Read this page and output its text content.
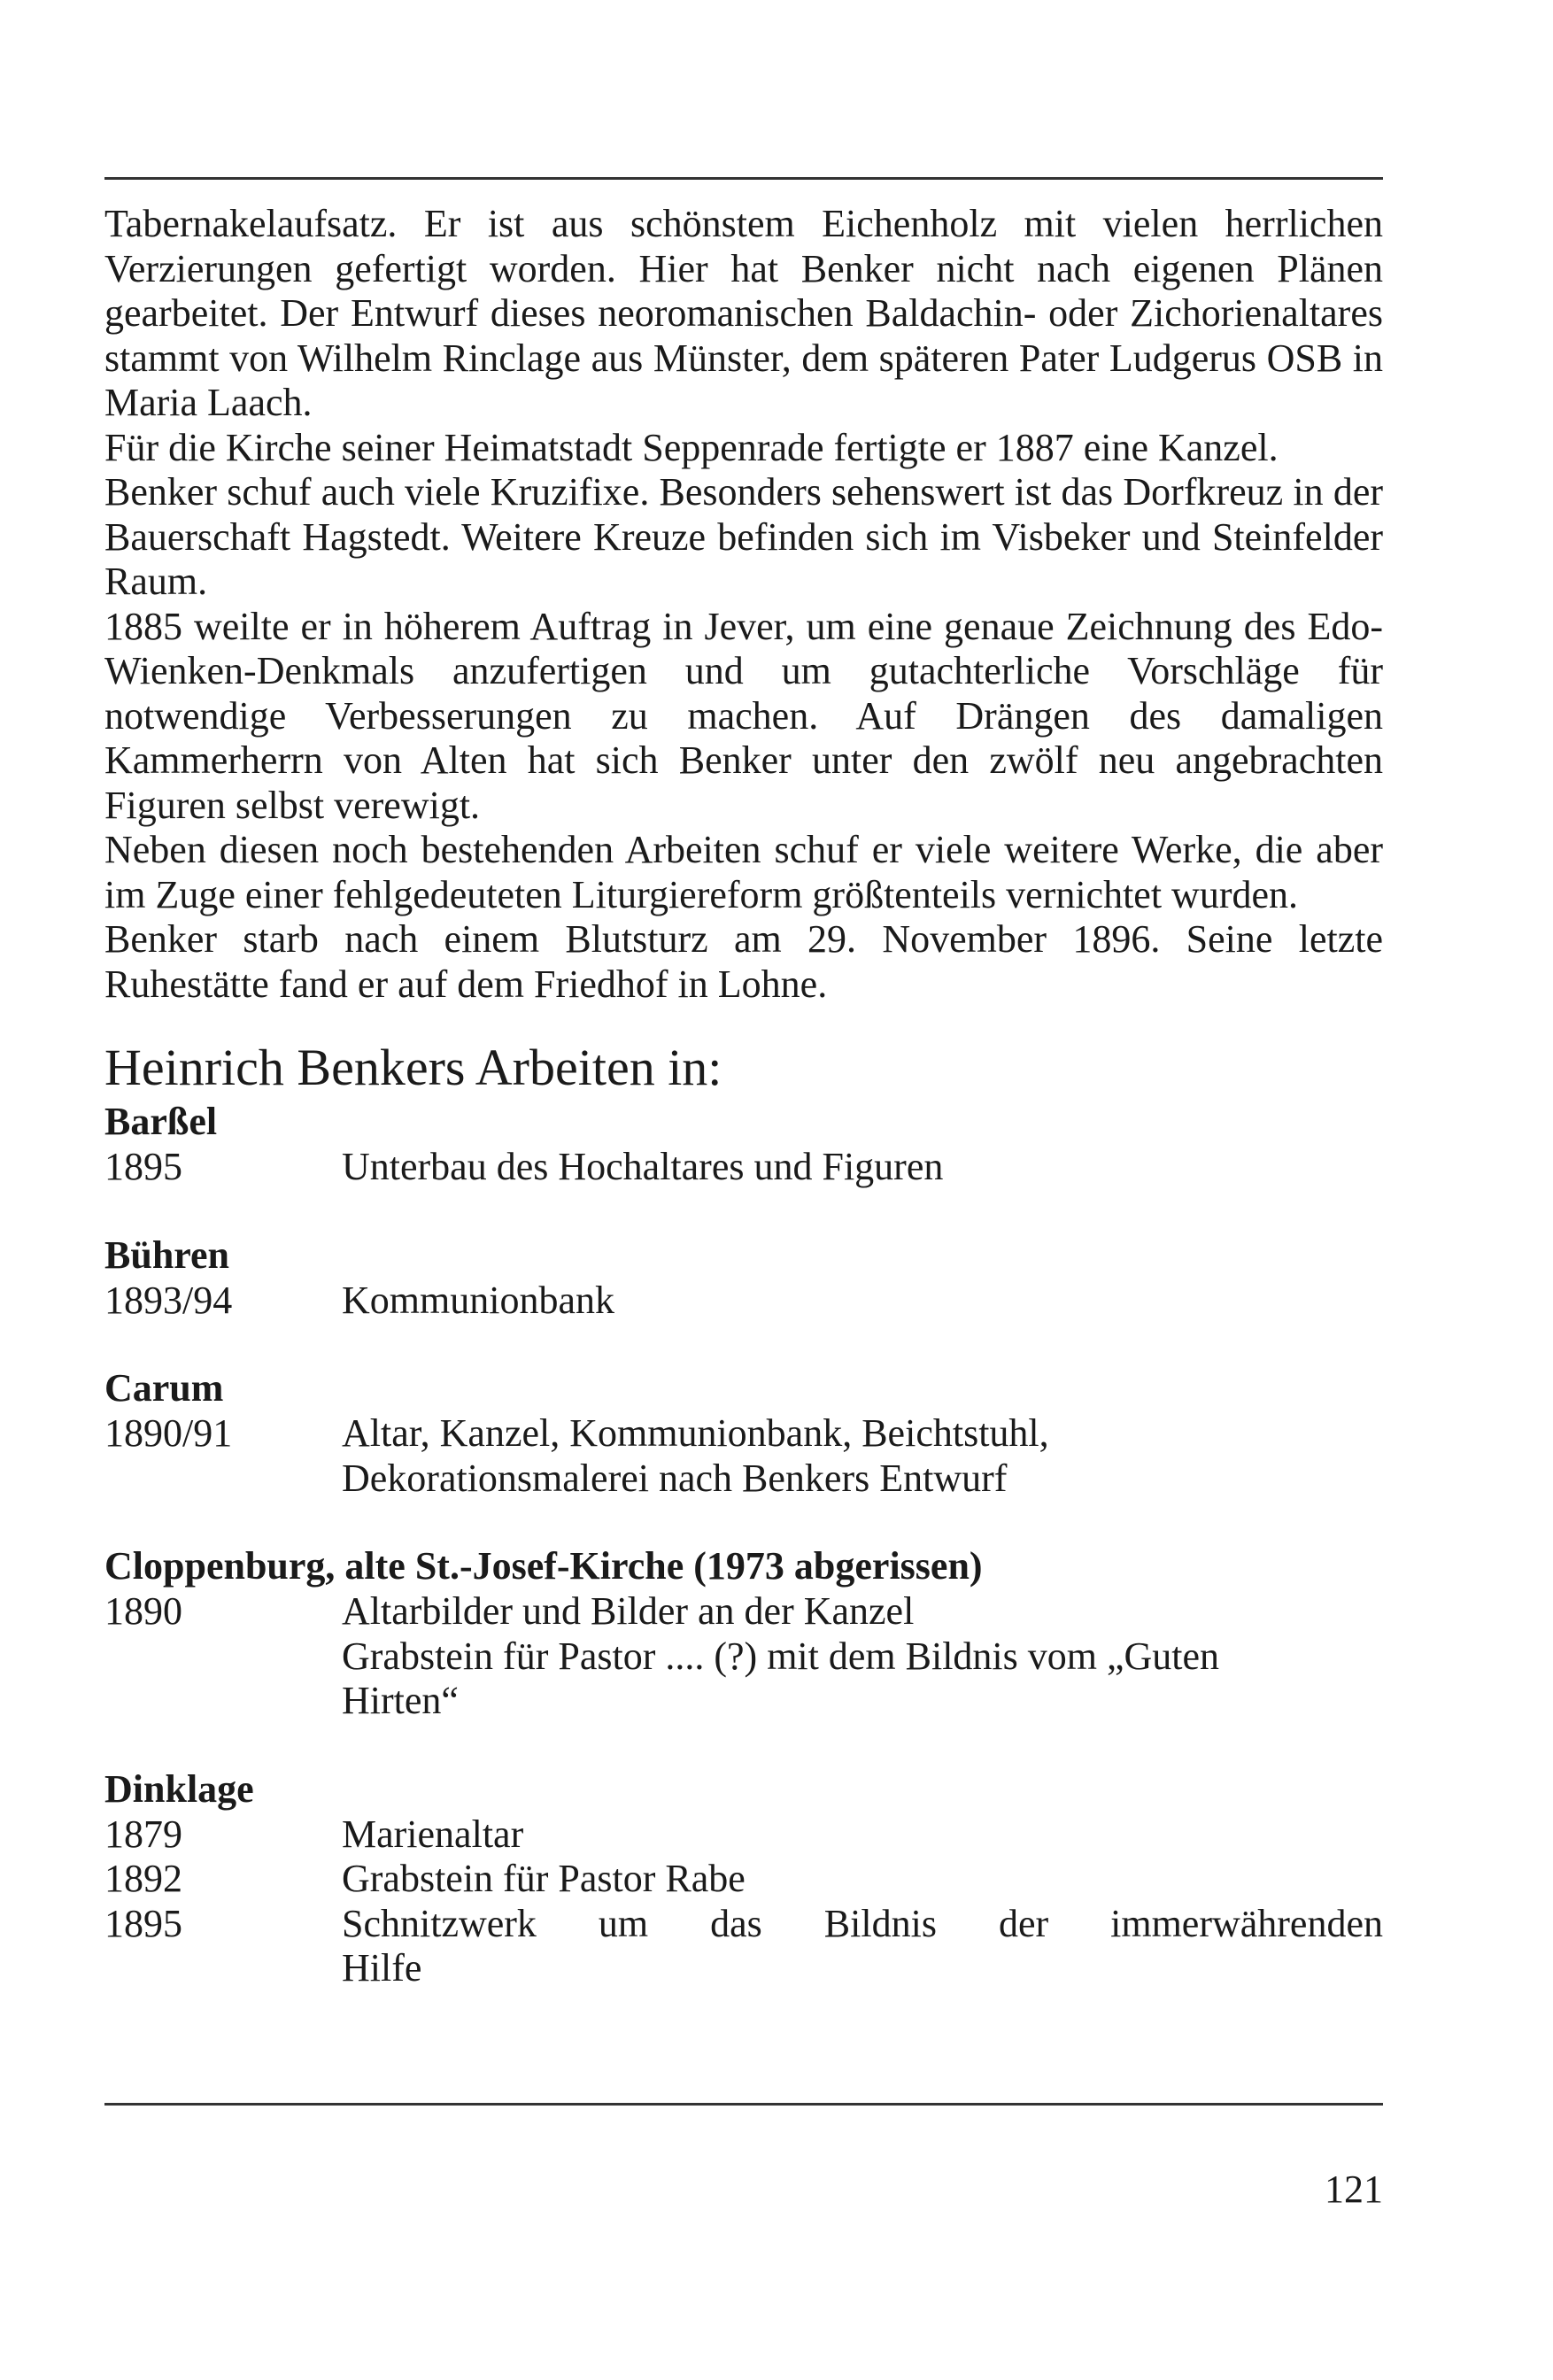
Tabernakelaufsatz. Er ist aus schönstem Eichenholz mit vielen herrlichen Verzierungen gefertigt worden. Hier hat Benker nicht nach eigenen Plänen gearbeitet. Der Entwurf dieses neoromanischen Baldachin- oder Zichorienaltares stammt von Wilhelm Rinclage aus Münster, dem späteren Pater Ludgerus OSB in Maria Laach.

Für die Kirche seiner Heimatstadt Seppenrade fertigte er 1887 eine Kanzel.

Benker schuf auch viele Kruzifixe. Besonders sehenswert ist das Dorfkreuz in der Bauerschaft Hagstedt. Weitere Kreuze befinden sich im Visbeker und Steinfelder Raum.

1885 weilte er in höherem Auftrag in Jever, um eine genaue Zeichnung des Edo-Wienken-Denkmals anzufertigen und um gutachterliche Vorschläge für notwendige Verbesserungen zu machen. Auf Drängen des damaligen Kammerherrn von Alten hat sich Benker unter den zwölf neu angebrachten Figuren selbst verewigt.

Neben diesen noch bestehenden Arbeiten schuf er viele weitere Werke, die aber im Zuge einer fehlgedeuteten Liturgiereform größtenteils vernichtet wurden.

Benker starb nach einem Blutsturz am 29. November 1896. Seine letzte Ruhestätte fand er auf dem Friedhof in Lohne.

Heinrich Benkers Arbeiten in:
Barßel
1895	Unterbau des Hochaltares und Figuren
Bühren
1893/94	Kommunionbank
Carum
1890/91	Altar, Kanzel, Kommunionbank, Beichtstuhl,
Dekorationsmalerei nach Benkers Entwurf
Cloppenburg, alte St.-Josef-Kirche (1973 abgerissen)
1890	Altarbilder und Bilder an der Kanzel
Grabstein für Pastor .... (?) mit dem Bildnis vom „Guten
Hirten“
Dinklage
1879	Marienaltar
1892	Grabstein für Pastor Rabe
1895	Schnitzwerk um das Bildnis der immerwährenden
Hilfe
121
